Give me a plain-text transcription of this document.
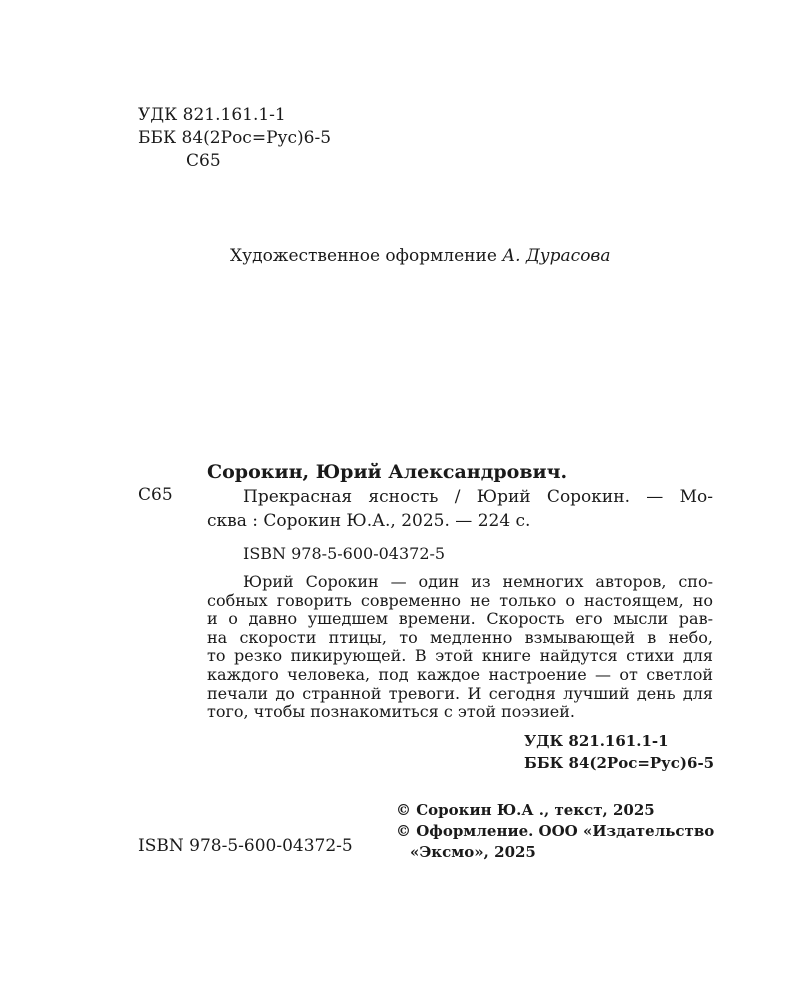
УДК 821.161.1-1
ББК 84(2Рос=Рус)6-5
С65
Художественное оформление А. Дурасова
Сорокин, Юрий Александрович.
С65	Прекрасная ясность / Юрий Сорокин. — Мо-
сква : Сорокин Ю.А., 2025. — 224 с.
ISBN 978-5-600-04372-5
Юрий Сорокин — один из немногих авторов, спо-
собных говорить современно не только о настоящем, но
и о давно ушедшем времени. Скорость его мысли рав-
на скорости птицы, то медленно взмывающей в небо,
то резко пикирующей. В этой книге найдутся стихи для
каждого человека, под каждое настроение — от светлой
печали до странной тревоги. И сегодня лучший день для
того, чтобы познакомиться с этой поэзией.
УДК 821.161.1-1
ББК 84(2Рос=Рус)6-5
ISBN 978-5-600-04372-5
© Сорокин Ю.А ., текст, 2025
© Оформление. ООО «Издательство
«Эксмо», 2025
